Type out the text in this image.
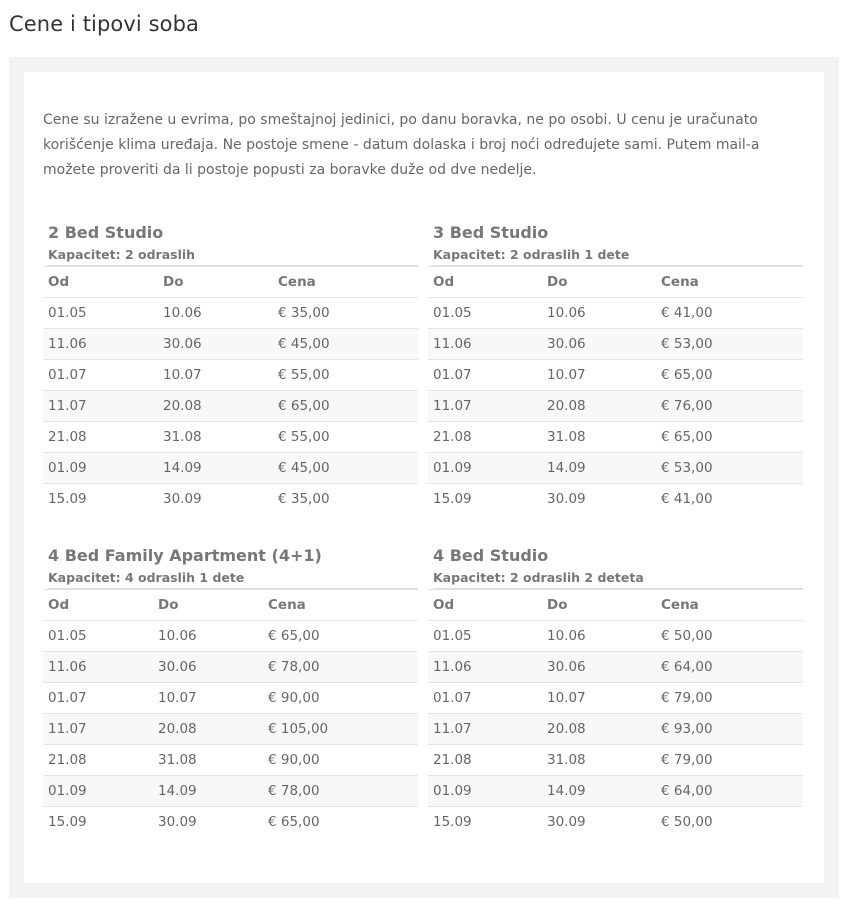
Cene i tipovi soba

Cene su izražene u evrima, po smeštajnoj jedinici, po danu boravka, ne po osobi. U cenu je uračunato korišćenje klima uređaja. Ne postoje smene - datum dolaska i broj noći određujete sami. Putem mail-a možete proveriti da li postoje popusti za boravke duže od dve nedelje.

2 Bed Studio
Kapacitet: 2 odraslih
Od	Do	Cena
01.05	10.06	€ 35,00
11.06	30.06	€ 45,00
01.07	10.07	€ 55,00
11.07	20.08	€ 65,00
21.08	31.08	€ 55,00
01.09	14.09	€ 45,00
15.09	30.09	€ 35,00
3 Bed Studio
Kapacitet: 2 odraslih 1 dete
Od	Do	Cena
01.05	10.06	€ 41,00
11.06	30.06	€ 53,00
01.07	10.07	€ 65,00
11.07	20.08	€ 76,00
21.08	31.08	€ 65,00
01.09	14.09	€ 53,00
15.09	30.09	€ 41,00
4 Bed Family Apartment (4+1)
Kapacitet: 4 odraslih 1 dete
Od	Do	Cena
01.05	10.06	€ 65,00
11.06	30.06	€ 78,00
01.07	10.07	€ 90,00
11.07	20.08	€ 105,00
21.08	31.08	€ 90,00
01.09	14.09	€ 78,00
15.09	30.09	€ 65,00
4 Bed Studio
Kapacitet: 2 odraslih 2 deteta
Od	Do	Cena
01.05	10.06	€ 50,00
11.06	30.06	€ 64,00
01.07	10.07	€ 79,00
11.07	20.08	€ 93,00
21.08	31.08	€ 79,00
01.09	14.09	€ 64,00
15.09	30.09	€ 50,00
